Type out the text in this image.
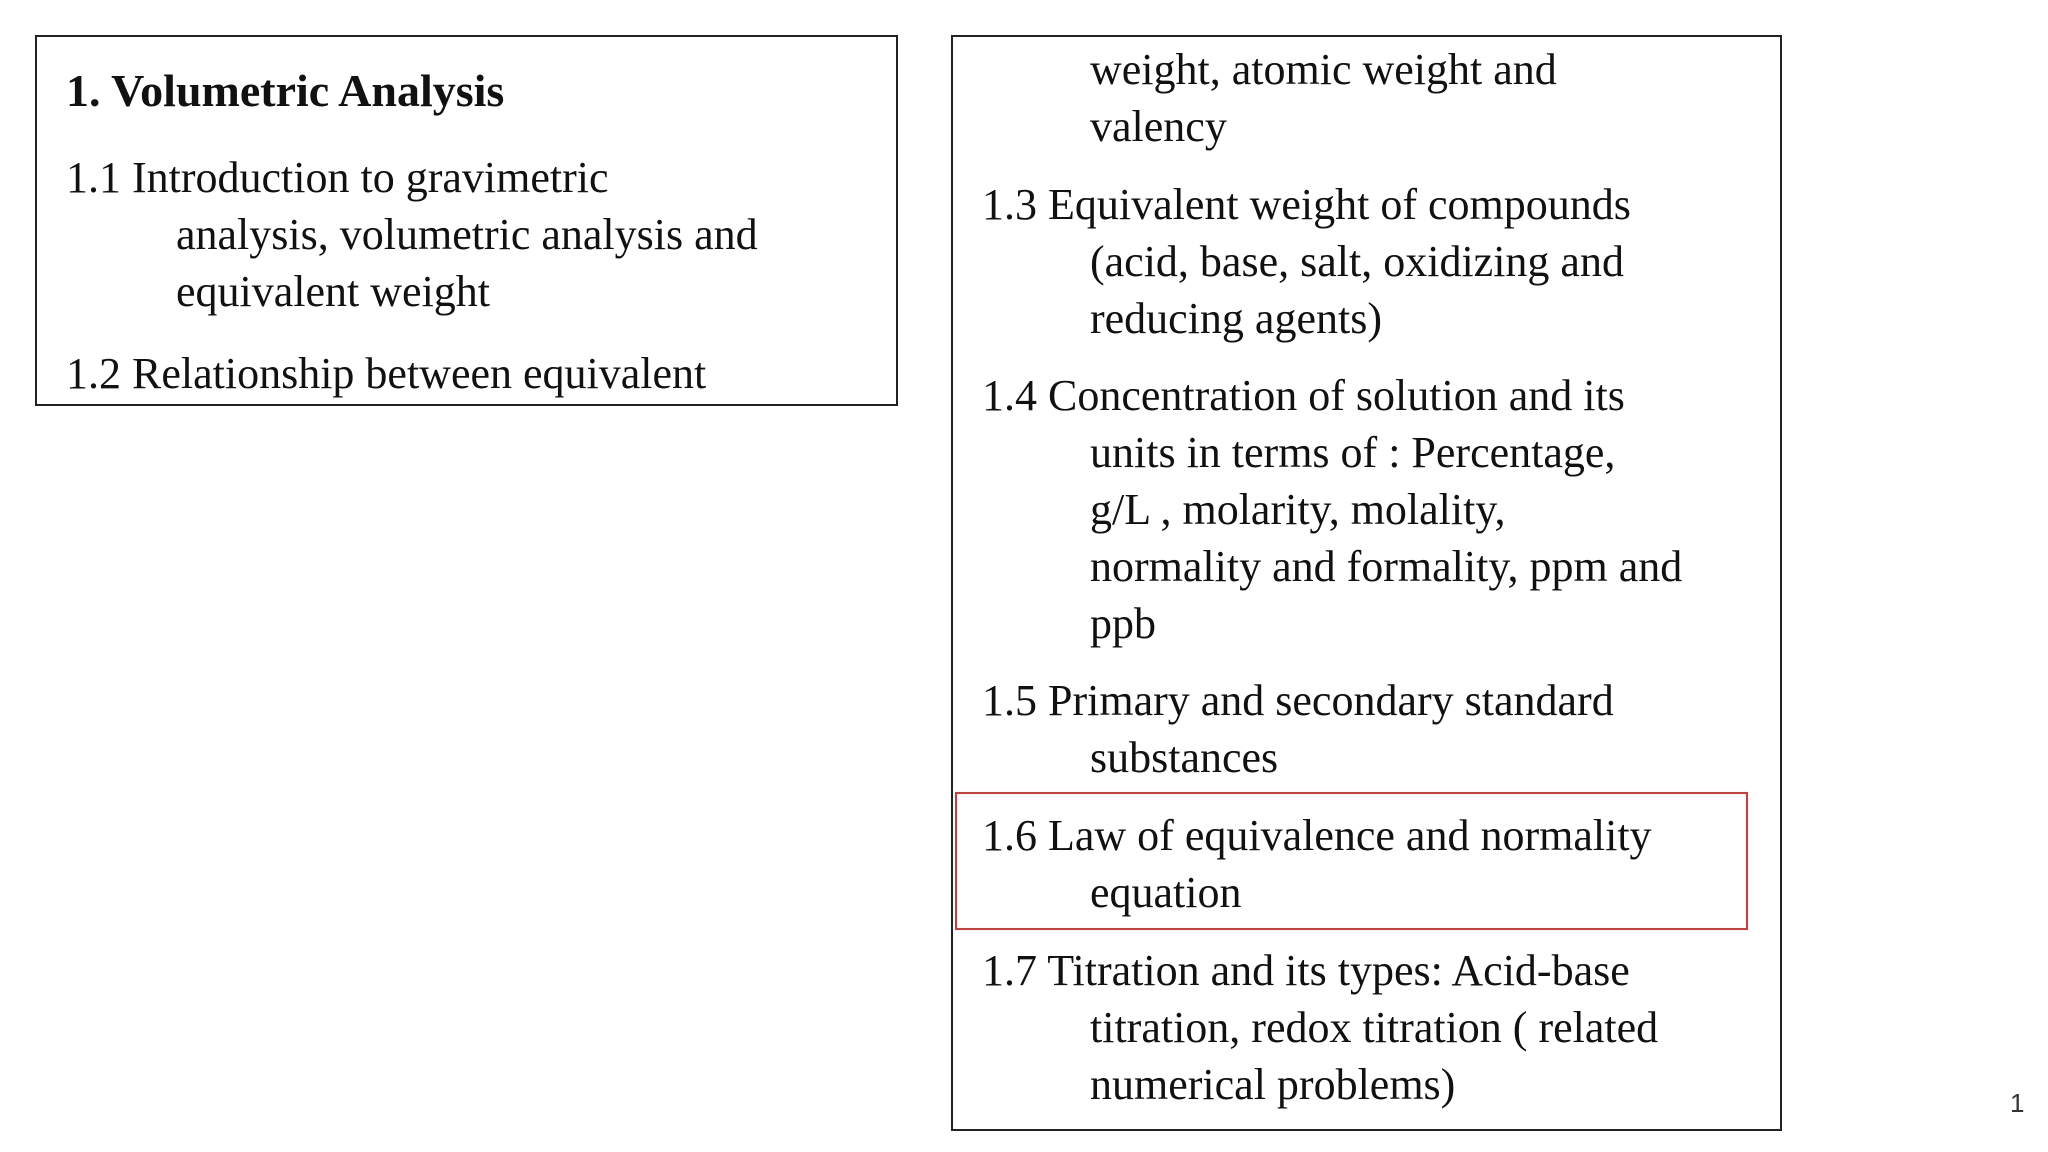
1. Volumetric Analysis
1.1 Introduction to gravimetric
analysis, volumetric analysis and
equivalent weight
1.2 Relationship between equivalent
weight, atomic weight and
valency
1.3 Equivalent weight of compounds
(acid, base, salt, oxidizing and
reducing agents)
1.4 Concentration of solution and its
units in terms of : Percentage,
g/L , molarity, molality,
normality and formality, ppm and
ppb
1.5 Primary and secondary standard
substances
1.6 Law of equivalence and normality
equation
1.7 Titration and its types: Acid-base
titration, redox titration ( related
numerical problems)	1
